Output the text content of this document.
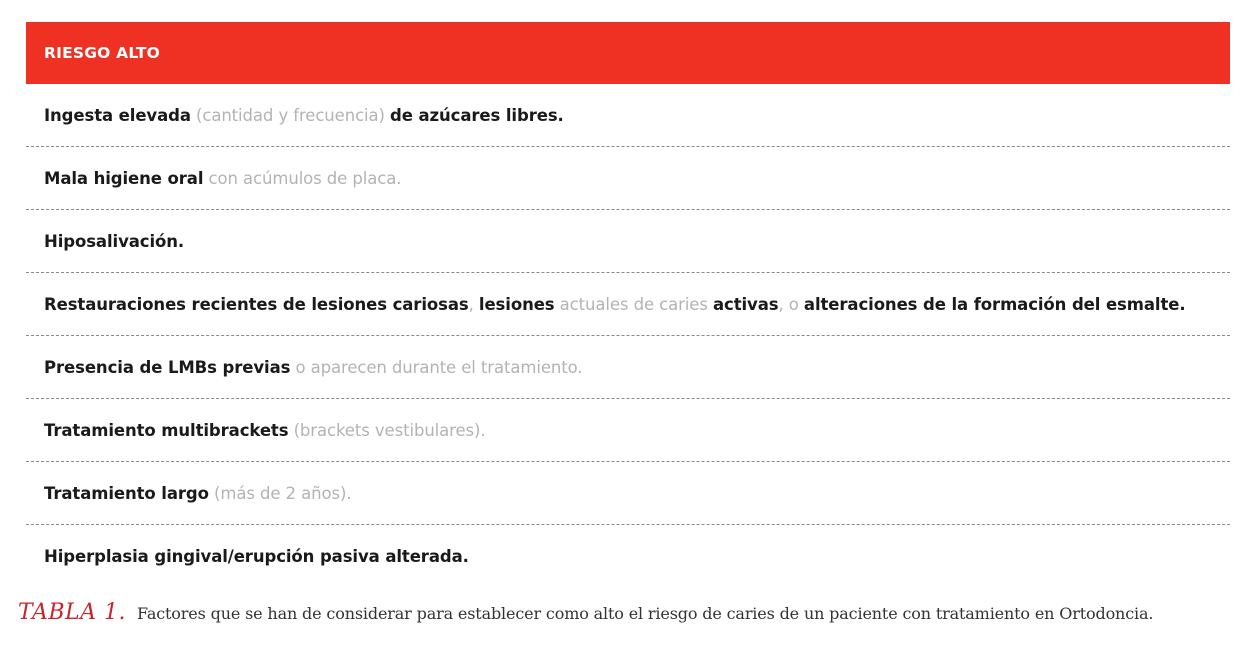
RIESGO ALTO
Ingesta elevada (cantidad y frecuencia) de azúcares libres.
Mala higiene oral con acúmulos de placa.
Hiposalivación.
Restauraciones recientes de lesiones cariosas , lesiones actuales de caries activas , o alteraciones de la formación del esmalte .
Presencia de LMBs previas o aparecen durante el tratamiento.
Tratamiento multibrackets (brackets vestibulares).
Tratamiento largo (más de 2 años).
Hiperplasia gingival/erupción pasiva alterada.
TABLA 1. Factores que se han de considerar para establecer como alto el riesgo de caries de un paciente con tratamiento en Ortodoncia.
